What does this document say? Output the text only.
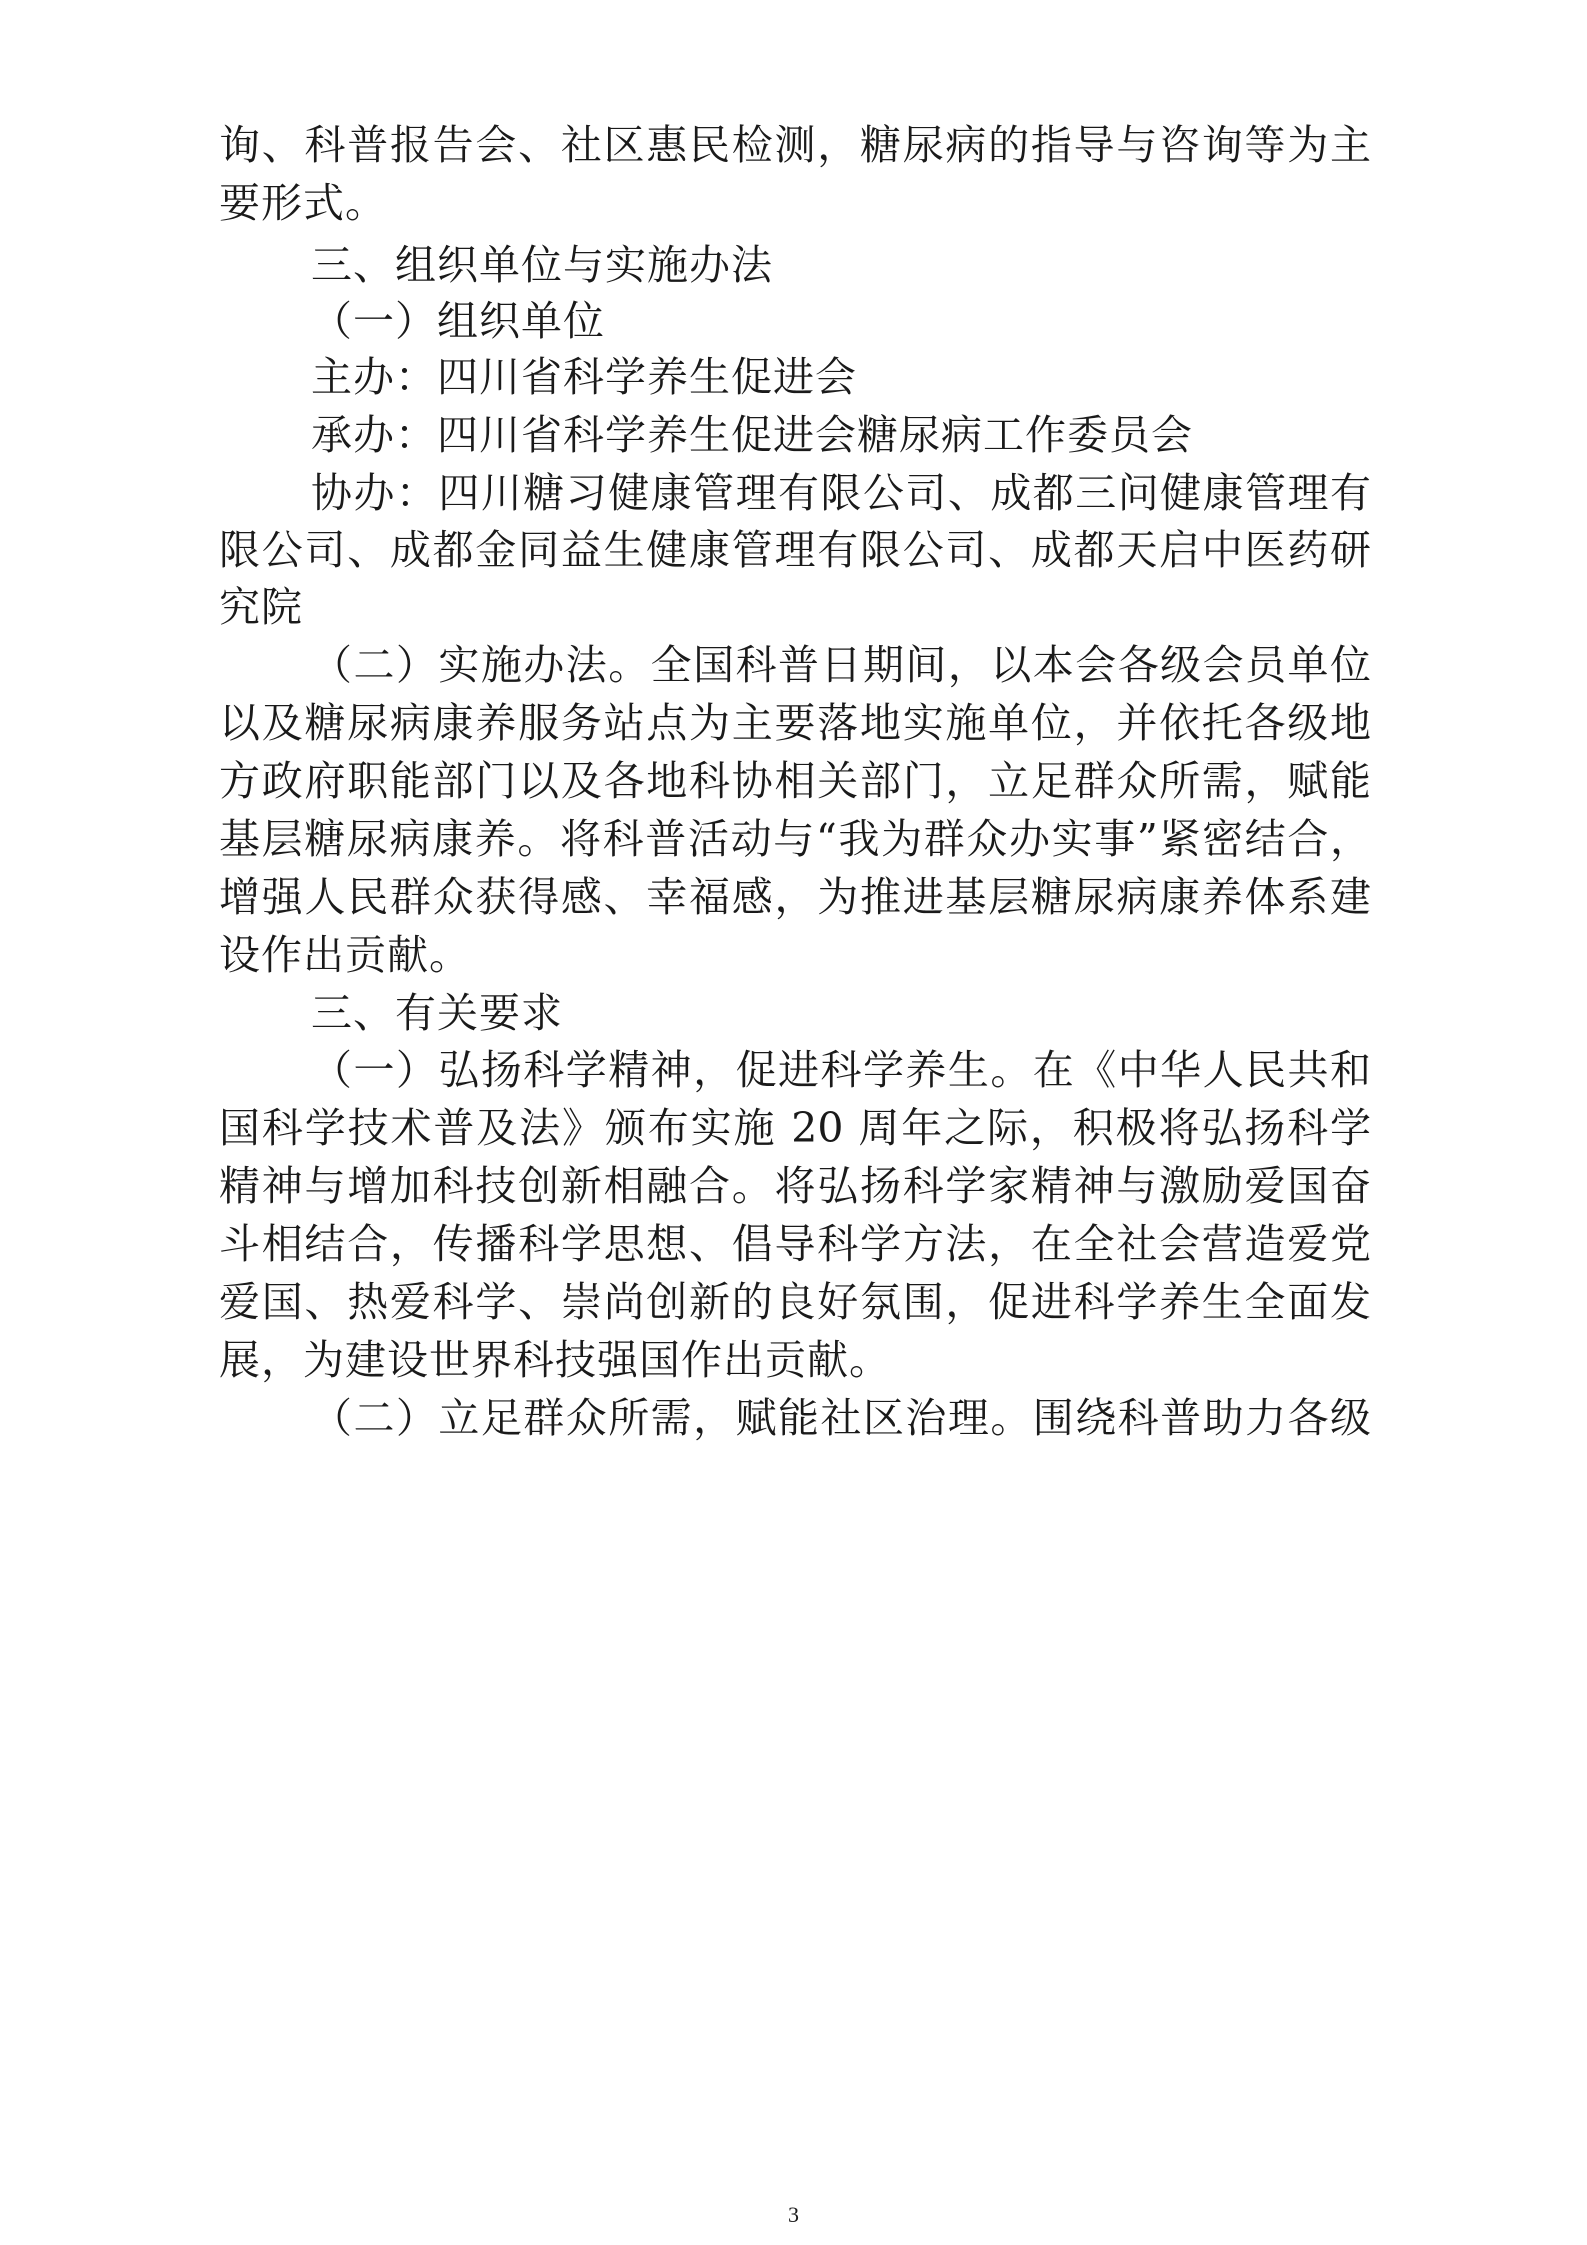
询、科普报告会、社区惠民检测，糖尿病的指导与咨询等为主
要形式。
三、组织单位与实施办法
（一）组织单位
主办：四川省科学养生促进会
承办：四川省科学养生促进会糖尿病工作委员会
协办：四川糖习健康管理有限公司、成都三问健康管理有
限公司、成都金同益生健康管理有限公司、成都天启中医药研
究院
（二）实施办法。全国科普日期间，以本会各级会员单位
以及糖尿病康养服务站点为主要落地实施单位，并依托各级地
方政府职能部门以及各地科协相关部门，立足群众所需，赋能
基层糖尿病康养。将科普活动与“我为群众办实事”紧密结合，
增强人民群众获得感、幸福感，为推进基层糖尿病康养体系建
设作出贡献。
三、有关要求
（一）弘扬科学精神，促进科学养生。在《中华人民共和
国科学技术普及法》颁布实施 20 周年之际，积极将弘扬科学
精神与增加科技创新相融合。将弘扬科学家精神与激励爱国奋
斗相结合，传播科学思想、倡导科学方法，在全社会营造爱党
爱国、热爱科学、崇尚创新的良好氛围，促进科学养生全面发
展，为建设世界科技强国作出贡献。
（二）立足群众所需，赋能社区治理。围绕科普助力各级
3
